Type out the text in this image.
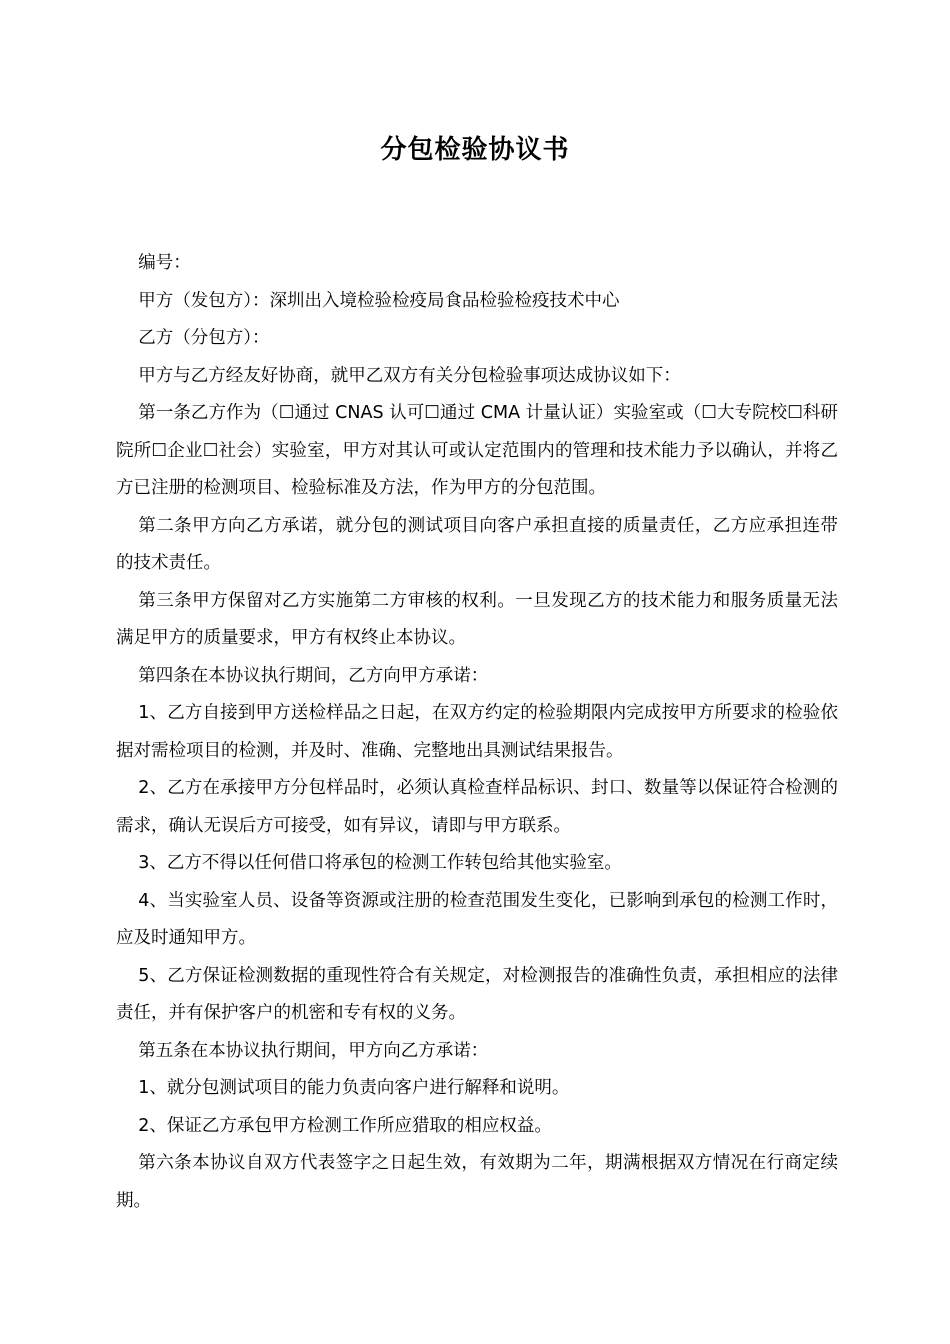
分包检验协议书

编号：

甲方（发包方）：深圳出入境检验检疫局食品检验检疫技术中心

乙方（分包方）：

甲方与乙方经友好协商，就甲乙双方有关分包检验事项达成协议如下：

第一条乙方作为（☐通过 CNAS 认可☐通过 CMA 计量认证）实验室或（☐大专院校☐科研院所☐企业☐社会）实验室，甲方对其认可或认定范围内的管理和技术能力予以确认，并将乙方已注册的检测项目、检验标准及方法，作为甲方的分包范围。

第二条甲方向乙方承诺，就分包的测试项目向客户承担直接的质量责任，乙方应承担连带的技术责任。

第三条甲方保留对乙方实施第二方审核的权利。一旦发现乙方的技术能力和服务质量无法满足甲方的质量要求，甲方有权终止本协议。

第四条在本协议执行期间，乙方向甲方承诺：

1、乙方自接到甲方送检样品之日起，在双方约定的检验期限内完成按甲方所要求的检验依据对需检项目的检测，并及时、准确、完整地出具测试结果报告。

2、乙方在承接甲方分包样品时，必须认真检查样品标识、封口、数量等以保证符合检测的需求，确认无误后方可接受，如有异议，请即与甲方联系。

3、乙方不得以任何借口将承包的检测工作转包给其他实验室。

4、当实验室人员、设备等资源或注册的检查范围发生变化，已影响到承包的检测工作时，应及时通知甲方。

5、乙方保证检测数据的重现性符合有关规定，对检测报告的准确性负责，承担相应的法律责任，并有保护客户的机密和专有权的义务。

第五条在本协议执行期间，甲方向乙方承诺：

1、就分包测试项目的能力负责向客户进行解释和说明。

2、保证乙方承包甲方检测工作所应猎取的相应权益。

第六条本协议自双方代表签字之日起生效，有效期为二年，期满根据双方情况在行商定续期。
